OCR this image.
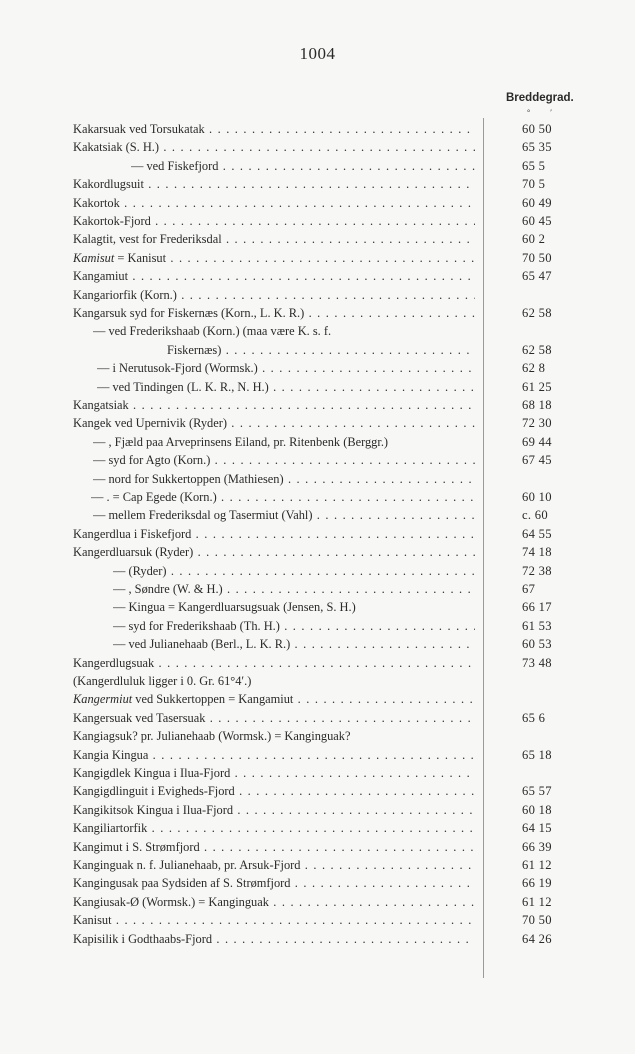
1004
Breddegrad.
° ′
Kakarsuak ved Torsukatak . . .	60 50
Kakatsiak (S. H.) . . .	65 35
— ved Fiskefjord . . .	65 5
Kakordlugsuit . . .	70 5
Kakortok . . .	60 49
Kakortok-Fjord . . .	60 45
Kalagtit, vest for Frederiksdal . . .	60 2
Kamisut = Kanisut . . .	70 50
Kangamiut . . .	65 47
Kangariorfik (Korn.) . . .
Kangarsuk syd for Fiskernæs (Korn., L. K. R.) . . .	62 58
— ved Frederikshaab (Korn.) (maa være K. s. f.
Fiskernæs) . . .	62 58
— i Nerutusok-Fjord (Wormsk.) . . .	62 8
— ved Tindingen (L. K. R., N. H.) . . .	61 25
Kangatsiak . . .	68 18
Kangek ved Upernivik (Ryder) . . .	72 30
— , Fjæld paa Arveprinsens Eiland, pr. Ritenbenk (Berggr.)	69 44
— syd for Agto (Korn.) . . .	67 45
— nord for Sukkertoppen (Mathiesen) . . .
— . = Cap Egede (Korn.) . . .	60 10
— mellem Frederiksdal og Tasermiut (Vahl) . . .	c. 60
Kangerdlua i Fiskefjord . . .	64 55
Kangerdluarsuk (Ryder) . . .	74 18
— (Ryder) . . .	72 38
— , Søndre (W. & H.) . . .	67
— Kingua = Kangerdluarsugsuak (Jensen, S. H.)	66 17
— syd for Frederikshaab (Th. H.) . . .	61 53
— ved Julianehaab (Berl., L. K. R.) . . .	60 53
Kangerdlugsuak . . .	73 48
(Kangerdluluk ligger i 0. Gr. 61°4′.)
Kangermiut ved Sukkertoppen = Kangamiut . . .
Kangersuak ved Tasersuak . . .	65 6
Kangiagsuk? pr. Julianehaab (Wormsk.) = Kanginguak?
Kangia Kingua . . .	65 18
Kangigdlek Kingua i Ilua-Fjord . . .
Kangigdlinguit i Evigheds-Fjord . . .	65 57
Kangikitsok Kingua i Ilua-Fjord . . .	60 18
Kangiliartorfik . . .	64 15
Kangimut i S. Strømfjord . . .	66 39
Kanginguak n. f. Julianehaab, pr. Arsuk-Fjord . . .	61 12
Kangingusak paa Sydsiden af S. Strømfjord . . .	66 19
Kangiusak-Ø (Wormsk.) = Kanginguak . . .	61 12
Kanisut . . .	70 50
Kapisilik i Godthaabs-Fjord . . .	64 26
